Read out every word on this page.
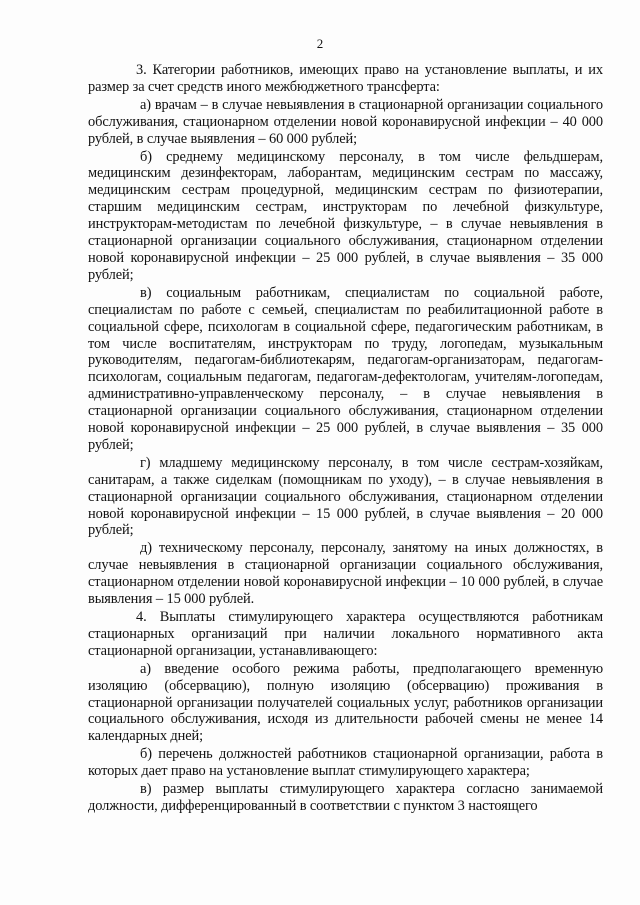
2

3. Категории работников, имеющих право на установление выплаты, и их размер за счет средств иного межбюджетного трансферта:

а) врачам – в случае невыявления в стационарной организации социального обслуживания, стационарном отделении новой коронавирусной инфекции – 40 000 рублей, в случае выявления – 60 000 рублей;

б) среднему медицинскому персоналу, в том числе фельдшерам, медицинским дезинфекторам, лаборантам, медицинским сестрам по массажу, медицинским сестрам процедурной, медицинским сестрам по физиотерапии, старшим медицинским сестрам, инструкторам по лечебной физкультуре, инструкторам-методистам по лечебной физкультуре, – в случае невыявления в стационарной организации социального обслуживания, стационарном отделении новой коронавирусной инфекции – 25 000 рублей, в случае выявления – 35 000 рублей;

в) социальным работникам, специалистам по социальной работе, специалистам по работе с семьей, специалистам по реабилитационной работе в социальной сфере, психологам в социальной сфере, педагогическим работникам, в том числе воспитателям, инструкторам по труду, логопедам, музыкальным руководителям, педагогам-библиотекарям, педагогам-организаторам, педагогам-психологам, социальным педагогам, педагогам-дефектологам, учителям-логопедам, административно-управленческому персоналу, – в случае невыявления в стационарной организации социального обслуживания, стационарном отделении новой коронавирусной инфекции – 25 000 рублей, в случае выявления – 35 000 рублей;

г) младшему медицинскому персоналу, в том числе сестрам-хозяйкам, санитарам, а также сиделкам (помощникам по уходу), – в случае невыявления в стационарной организации социального обслуживания, стационарном отделении новой коронавирусной инфекции – 15 000 рублей, в случае выявления – 20 000 рублей;

д) техническому персоналу, персоналу, занятому на иных должностях, в случае невыявления в стационарной организации социального обслуживания, стационарном отделении новой коронавирусной инфекции – 10 000 рублей, в случае выявления – 15 000 рублей.

4. Выплаты стимулирующего характера осуществляются работникам стационарных организаций при наличии локального нормативного акта стационарной организации, устанавливающего:

а) введение особого режима работы, предполагающего временную изоляцию (обсервацию), полную изоляцию (обсервацию) проживания в стационарной организации получателей социальных услуг, работников организации социального обслуживания, исходя из длительности рабочей смены не менее 14 календарных дней;

б) перечень должностей работников стационарной организации, работа в которых дает право на установление выплат стимулирующего характера;

в) размер выплаты стимулирующего характера согласно занимаемой должности, дифференцированный в соответствии с пунктом 3 настоящего
